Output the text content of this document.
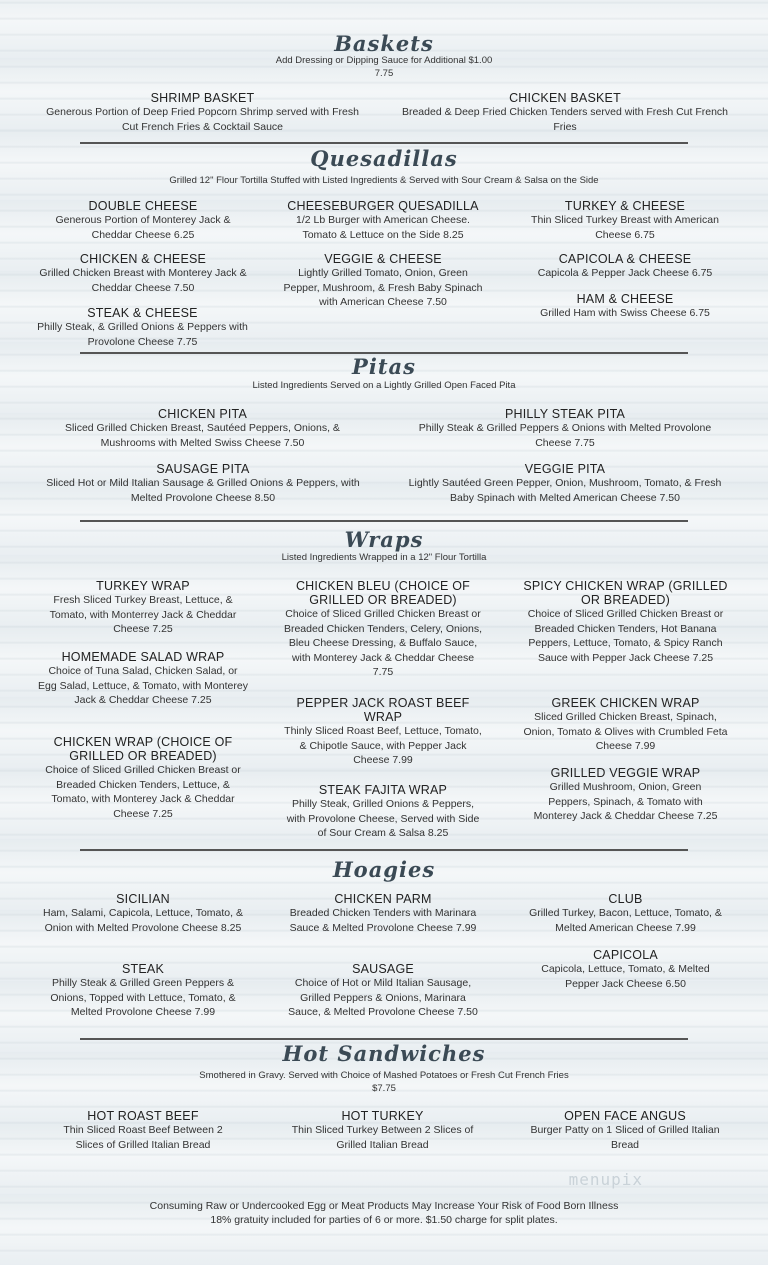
Baskets
Add Dressing or Dipping Sauce for Additional $1.00
7.75
SHRIMP BASKET
Generous Portion of Deep Fried Popcorn Shrimp served with Fresh Cut French Fries & Cocktail Sauce
CHICKEN BASKET
Breaded & Deep Fried Chicken Tenders served with Fresh Cut French Fries
Quesadillas
Grilled 12" Flour Tortilla Stuffed with Listed Ingredients & Served with Sour Cream & Salsa on the Side
DOUBLE CHEESE
Generous Portion of Monterey Jack & Cheddar Cheese 6.25
CHICKEN & CHEESE
Grilled Chicken Breast with Monterey Jack & Cheddar Cheese 7.50
STEAK & CHEESE
Philly Steak, & Grilled Onions & Peppers with Provolone Cheese 7.75
CHEESEBURGER QUESADILLA
1/2 Lb Burger with American Cheese. Tomato & Lettuce on the Side 8.25
VEGGIE & CHEESE
Lightly Grilled Tomato, Onion, Green Pepper, Mushroom, & Fresh Baby Spinach with American Cheese 7.50
TURKEY & CHEESE
Thin Sliced Turkey Breast with American Cheese 6.75
CAPICOLA & CHEESE
Capicola & Pepper Jack Cheese 6.75
HAM & CHEESE
Grilled Ham with Swiss Cheese 6.75
Pitas
Listed Ingredients Served on a Lightly Grilled Open Faced Pita
CHICKEN PITA
Sliced Grilled Chicken Breast, Sautéed Peppers, Onions, & Mushrooms with Melted Swiss Cheese 7.50
SAUSAGE PITA
Sliced Hot or Mild Italian Sausage & Grilled Onions & Peppers, with Melted Provolone Cheese 8.50
PHILLY STEAK PITA
Philly Steak & Grilled Peppers & Onions with Melted Provolone Cheese 7.75
VEGGIE PITA
Lightly Sautéed Green Pepper, Onion, Mushroom, Tomato, & Fresh Baby Spinach with Melted American Cheese 7.50
Wraps
Listed Ingredients Wrapped in a 12" Flour Tortilla
TURKEY WRAP
Fresh Sliced Turkey Breast, Lettuce, & Tomato, with Monterrey Jack & Cheddar Cheese 7.25
HOMEMADE SALAD WRAP
Choice of Tuna Salad, Chicken Salad, or Egg Salad, Lettuce, & Tomato, with Monterey Jack & Cheddar Cheese 7.25
CHICKEN WRAP (CHOICE OF GRILLED OR BREADED)
Choice of Sliced Grilled Chicken Breast or Breaded Chicken Tenders, Lettuce, & Tomato, with Monterey Jack & Cheddar Cheese 7.25
CHICKEN BLEU (CHOICE OF GRILLED OR BREADED)
Choice of Sliced Grilled Chicken Breast or Breaded Chicken Tenders, Celery, Onions, Bleu Cheese Dressing, & Buffalo Sauce, with Monterey Jack & Cheddar Cheese 7.75
PEPPER JACK ROAST BEEF WRAP
Thinly Sliced Roast Beef, Lettuce, Tomato, & Chipotle Sauce, with Pepper Jack Cheese 7.99
STEAK FAJITA WRAP
Philly Steak, Grilled Onions & Peppers, with Provolone Cheese, Served with Side of Sour Cream & Salsa 8.25
SPICY CHICKEN WRAP (GRILLED OR BREADED)
Choice of Sliced Grilled Chicken Breast or Breaded Chicken Tenders, Hot Banana Peppers, Lettuce, Tomato, & Spicy Ranch Sauce with Pepper Jack Cheese 7.25
GREEK CHICKEN WRAP
Sliced Grilled Chicken Breast, Spinach, Onion, Tomato & Olives with Crumbled Feta Cheese 7.99
GRILLED VEGGIE WRAP
Grilled Mushroom, Onion, Green Peppers, Spinach, & Tomato with Monterey Jack & Cheddar Cheese 7.25
Hoagies
SICILIAN
Ham, Salami, Capicola, Lettuce, Tomato, & Onion with Melted Provolone Cheese 8.25
STEAK
Philly Steak & Grilled Green Peppers & Onions, Topped with Lettuce, Tomato, & Melted Provolone Cheese 7.99
CHICKEN PARM
Breaded Chicken Tenders with Marinara Sauce & Melted Provolone Cheese 7.99
SAUSAGE
Choice of Hot or Mild Italian Sausage, Grilled Peppers & Onions, Marinara Sauce, & Melted Provolone Cheese 7.50
CLUB
Grilled Turkey, Bacon, Lettuce, Tomato, & Melted American Cheese 7.99
CAPICOLA
Capicola, Lettuce, Tomato, & Melted Pepper Jack Cheese 6.50
Hot Sandwiches
Smothered in Gravy. Served with Choice of Mashed Potatoes or Fresh Cut French Fries
$7.75
HOT ROAST BEEF
Thin Sliced Roast Beef Between 2 Slices of Grilled Italian Bread
HOT TURKEY
Thin Sliced Turkey Between 2 Slices of Grilled Italian Bread
OPEN FACE ANGUS
Burger Patty on 1 Sliced of Grilled Italian Bread
menupix
Consuming Raw or Undercooked Egg or Meat Products May Increase Your Risk of Food Born Illness
18% gratuity included for parties of 6 or more. $1.50 charge for split plates.
